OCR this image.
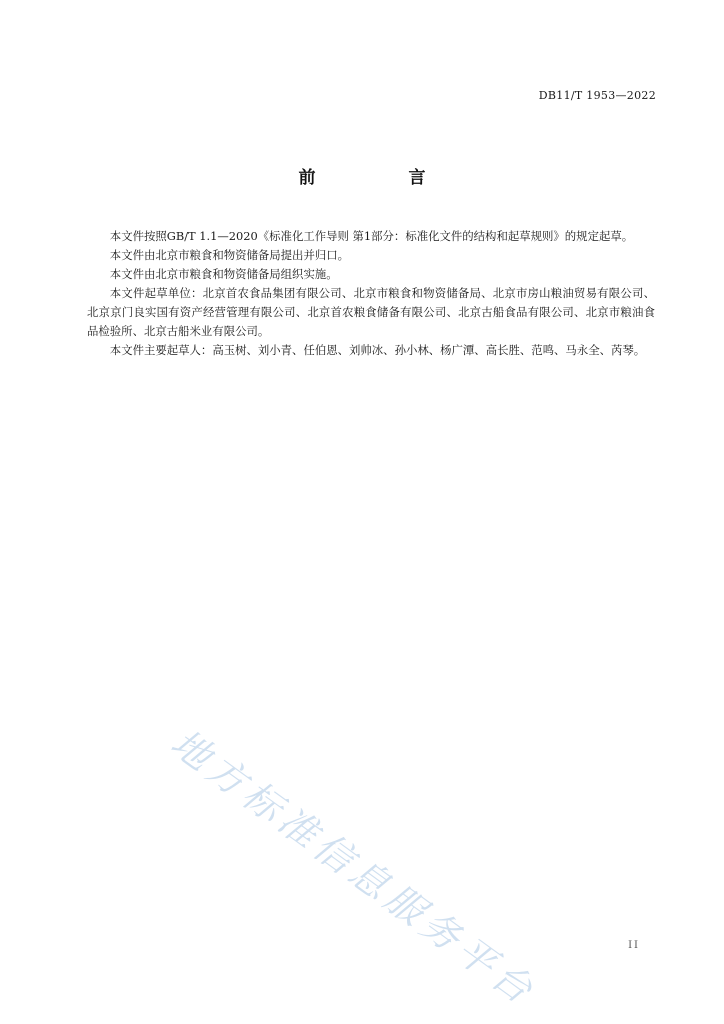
DB11/T 1953—2022
前　言

本文件按照GB/T 1.1—2020《标准化工作导则 第1部分：标准化文件的结构和起草规则》的规定起草。

本文件由北京市粮食和物资储备局提出并归口。

本文件由北京市粮食和物资储备局组织实施。

本文件起草单位：北京首农食品集团有限公司、北京市粮食和物资储备局、北京市房山粮油贸易有限公司、北京京门良实国有资产经营管理有限公司、北京首农粮食储备有限公司、北京古船食品有限公司、北京市粮油食品检验所、北京古船米业有限公司。

本文件主要起草人：高玉树、刘小青、任伯恩、刘帅冰、孙小林、杨广潭、高长胜、范鸣、马永全、芮琴。

地方标准信息服务平台	II
